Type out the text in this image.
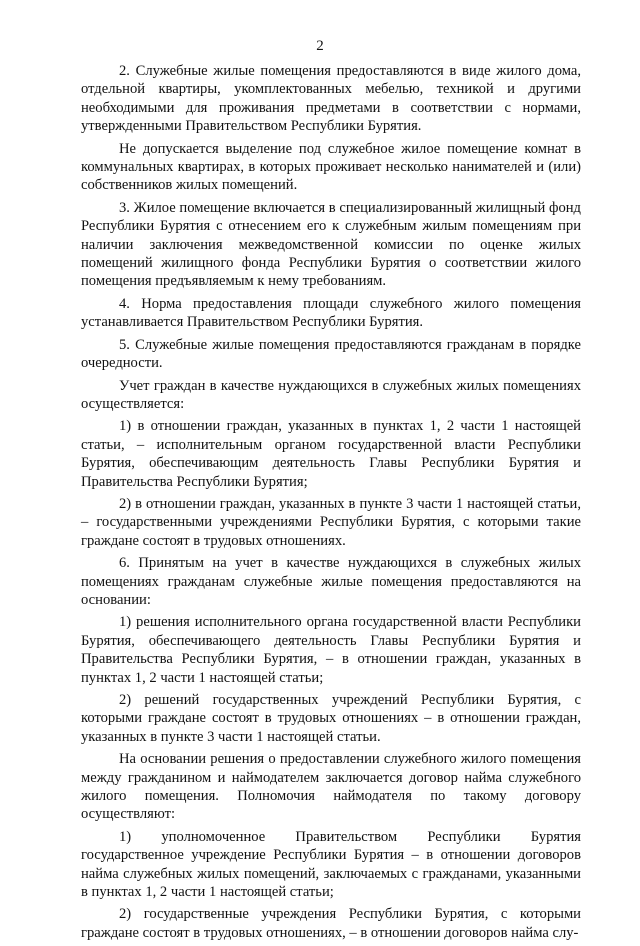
2

2. Служебные жилые помещения предоставляются в виде жилого дома, отдельной квартиры, укомплектованных мебелью, техникой и другими необходимыми для проживания предметами в соответствии с нормами, утвержденными Правительством Республики Бурятия.

Не допускается выделение под служебное жилое помещение комнат в коммунальных квартирах, в которых проживает несколько нанимателей и (или) собственников жилых помещений.

3. Жилое помещение включается в специализированный жилищный фонд Республики Бурятия с отнесением его к служебным жилым помещениям при наличии заключения межведомственной комиссии по оценке жилых помещений жилищного фонда Республики Бурятия о соответствии жилого помещения предъявляемым к нему требованиям.

4. Норма предоставления площади служебного жилого помещения устанавливается Правительством Республики Бурятия.

5. Служебные жилые помещения предоставляются гражданам в порядке очередности.

Учет граждан в качестве нуждающихся в служебных жилых помещениях осуществляется:

1) в отношении граждан, указанных в пунктах 1, 2 части 1 настоящей статьи, – исполнительным органом государственной власти Республики Бурятия, обеспечивающим деятельность Главы Республики Бурятия и Правительства Республики Бурятия;

2) в отношении граждан, указанных в пункте 3 части 1 настоящей статьи, – государственными учреждениями Республики Бурятия, с которыми такие граждане состоят в трудовых отношениях.

6. Принятым на учет в качестве нуждающихся в служебных жилых помещениях гражданам служебные жилые помещения предоставляются на основании:

1) решения исполнительного органа государственной власти Республики Бурятия, обеспечивающего деятельность Главы Республики Бурятия и Правительства Республики Бурятия, – в отношении граждан, указанных в пунктах 1, 2 части 1 настоящей статьи;

2) решений государственных учреждений Республики Бурятия, с которыми граждане состоят в трудовых отношениях – в отношении граждан, указанных в пункте 3 части 1 настоящей статьи.

На основании решения о предоставлении служебного жилого помещения между гражданином и наймодателем заключается договор найма служебного жилого помещения. Полномочия наймодателя по такому договору осуществляют:

1) уполномоченное Правительством Республики Бурятия государственное учреждение Республики Бурятия – в отношении договоров найма служебных жилых помещений, заключаемых с гражданами, указанными в пунктах 1, 2 части 1 настоящей статьи;

2) государственные учреждения Республики Бурятия, с которыми граждане состоят в трудовых отношениях, – в отношении договоров найма слу-
